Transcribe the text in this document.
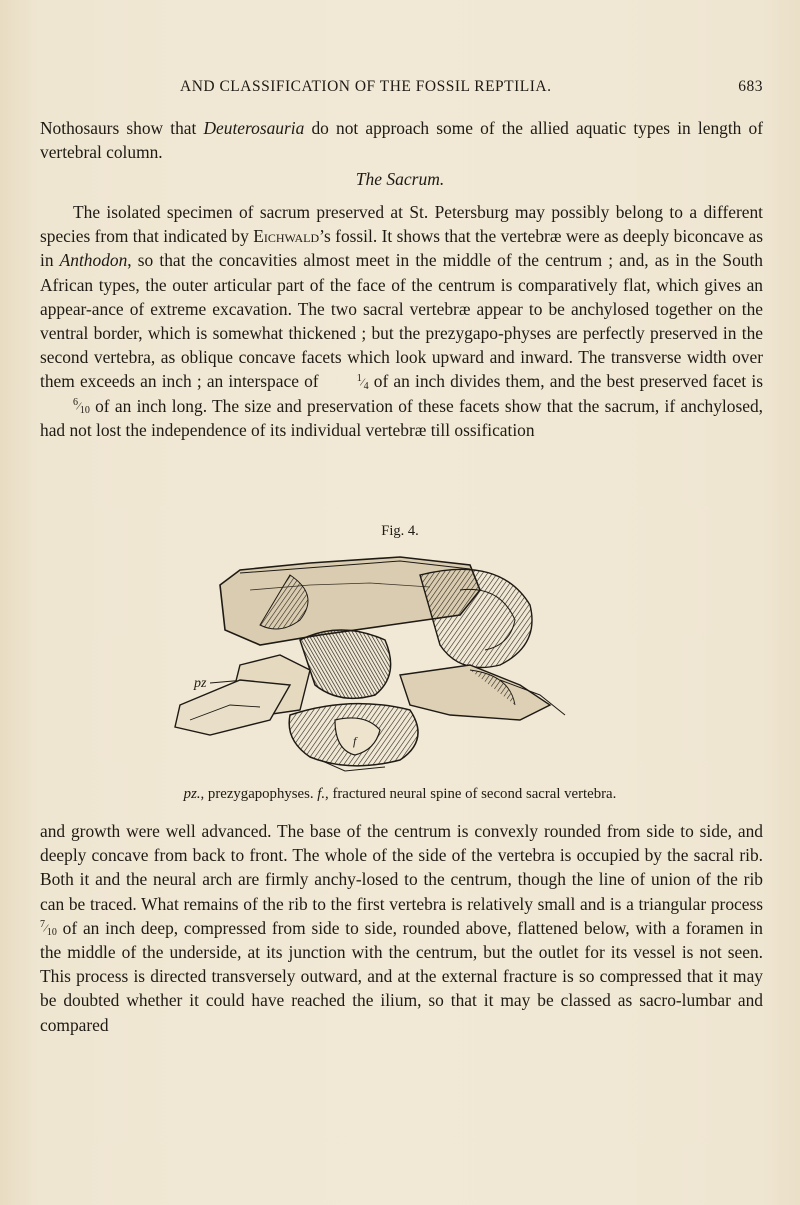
AND CLASSIFICATION OF THE FOSSIL REPTILIA.	683

Nothosaurs show that Deuterosauria do not approach some of the allied aquatic types in length of vertebral column.

The Sacrum.

The isolated specimen of sacrum preserved at St. Petersburg may possibly belong to a different species from that indicated by Eichwald’s fossil. It shows that the vertebræ were as deeply biconcave as in Anthodon, so that the concavities almost meet in the middle of the centrum ; and, as in the South African types, the outer articular part of the face of the centrum is comparatively flat, which gives an appear-ance of extreme excavation. The two sacral vertebræ appear to be anchylosed together on the ventral border, which is somewhat thickened ; but the prezygapo-physes are perfectly preserved in the second vertebra, as oblique concave facets which look upward and inward. The transverse width over them exceeds an inch ; an interspace of	$^1⁄_4$ of an inch divides them, and the best preserved facet is $^6⁄_{10}$ of an inch long. The size and preservation of these facets show that the sacrum, if anchylosed, had not lost the independence of its individual vertebræ till ossification

Fig. 4.
pz
f
pz., prezygapophyses. f., fractured neural spine of second sacral vertebra.

and growth were well advanced. The base of the centrum is convexly rounded from side to side, and deeply concave from back to front. The whole of the side of the vertebra is occupied by the sacral rib. Both it and the neural arch are firmly anchy-losed to the centrum, though the line of union of the rib can be traced. What remains of the rib to the first vertebra is relatively small and is a triangular process $^7⁄_{10}$ of an inch deep, compressed from side to side, rounded above, flattened below, with a foramen in the middle of the underside, at its junction with the centrum, but the outlet for its vessel is not seen. This process is directed transversely outward, and at the external fracture is so compressed that it may be doubted whether it could have reached the ilium, so that it may be classed as sacro-lumbar and compared
